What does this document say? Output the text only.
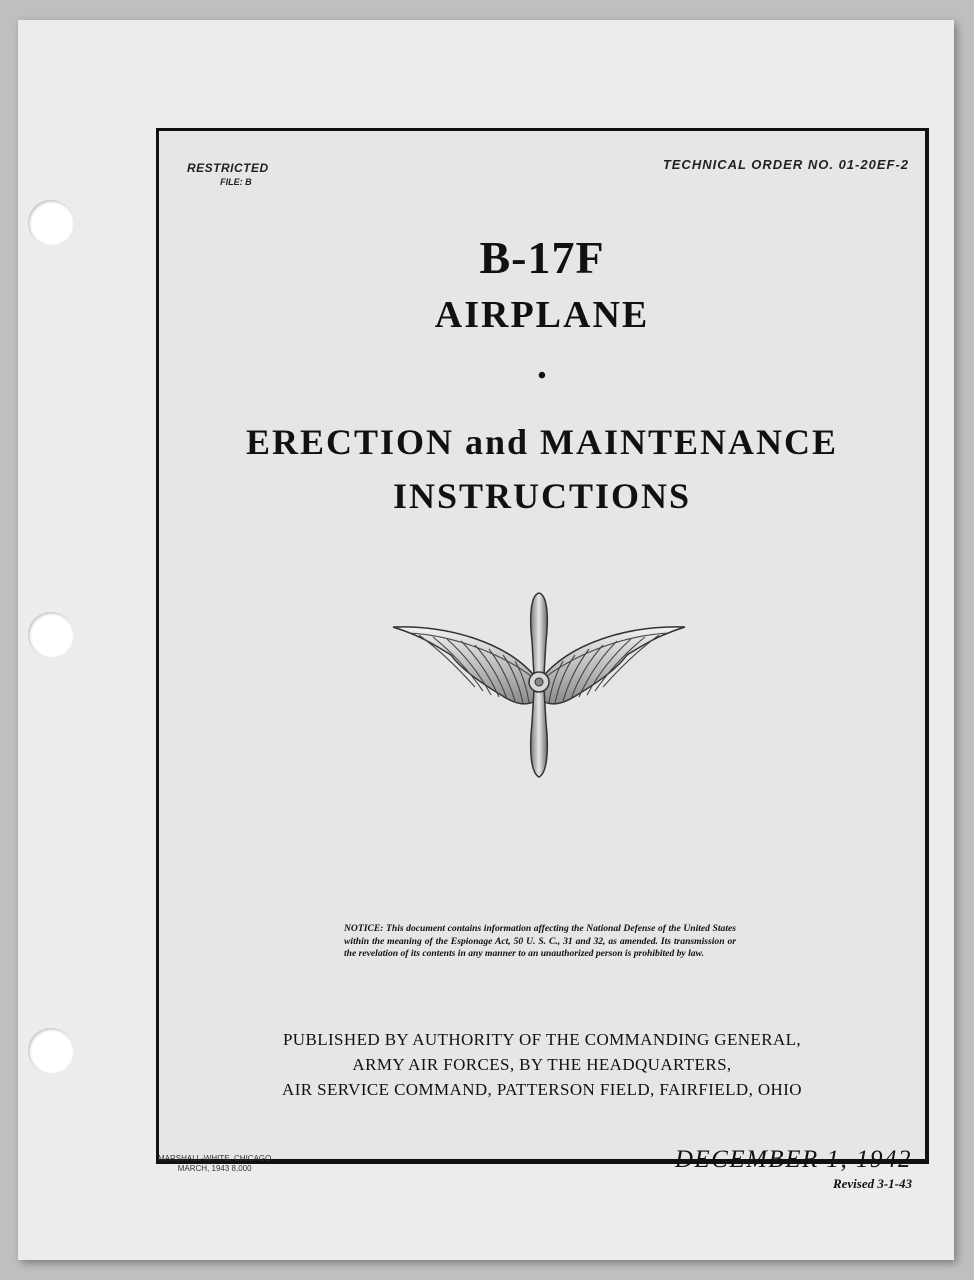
RESTRICTED
FILE: B
TECHNICAL ORDER NO. 01-20EF-2
B-17F
AIRPLANE
•
ERECTION and MAINTENANCE
INSTRUCTIONS
NOTICE: This document contains information affecting the National Defense of the United States within the meaning of the Espionage Act, 50 U. S. C., 31 and 32, as amended. Its transmission or the revelation of its contents in any manner to an unauthorized person is prohibited by law.
PUBLISHED BY AUTHORITY OF THE COMMANDING GENERAL,
ARMY AIR FORCES, BY THE HEADQUARTERS,
AIR SERVICE COMMAND, PATTERSON FIELD, FAIRFIELD, OHIO
MARSHALL-WHITE, CHICAGO
MARCH, 1943 8,000	DECEMBER 1, 1942
Revised 3-1-43
